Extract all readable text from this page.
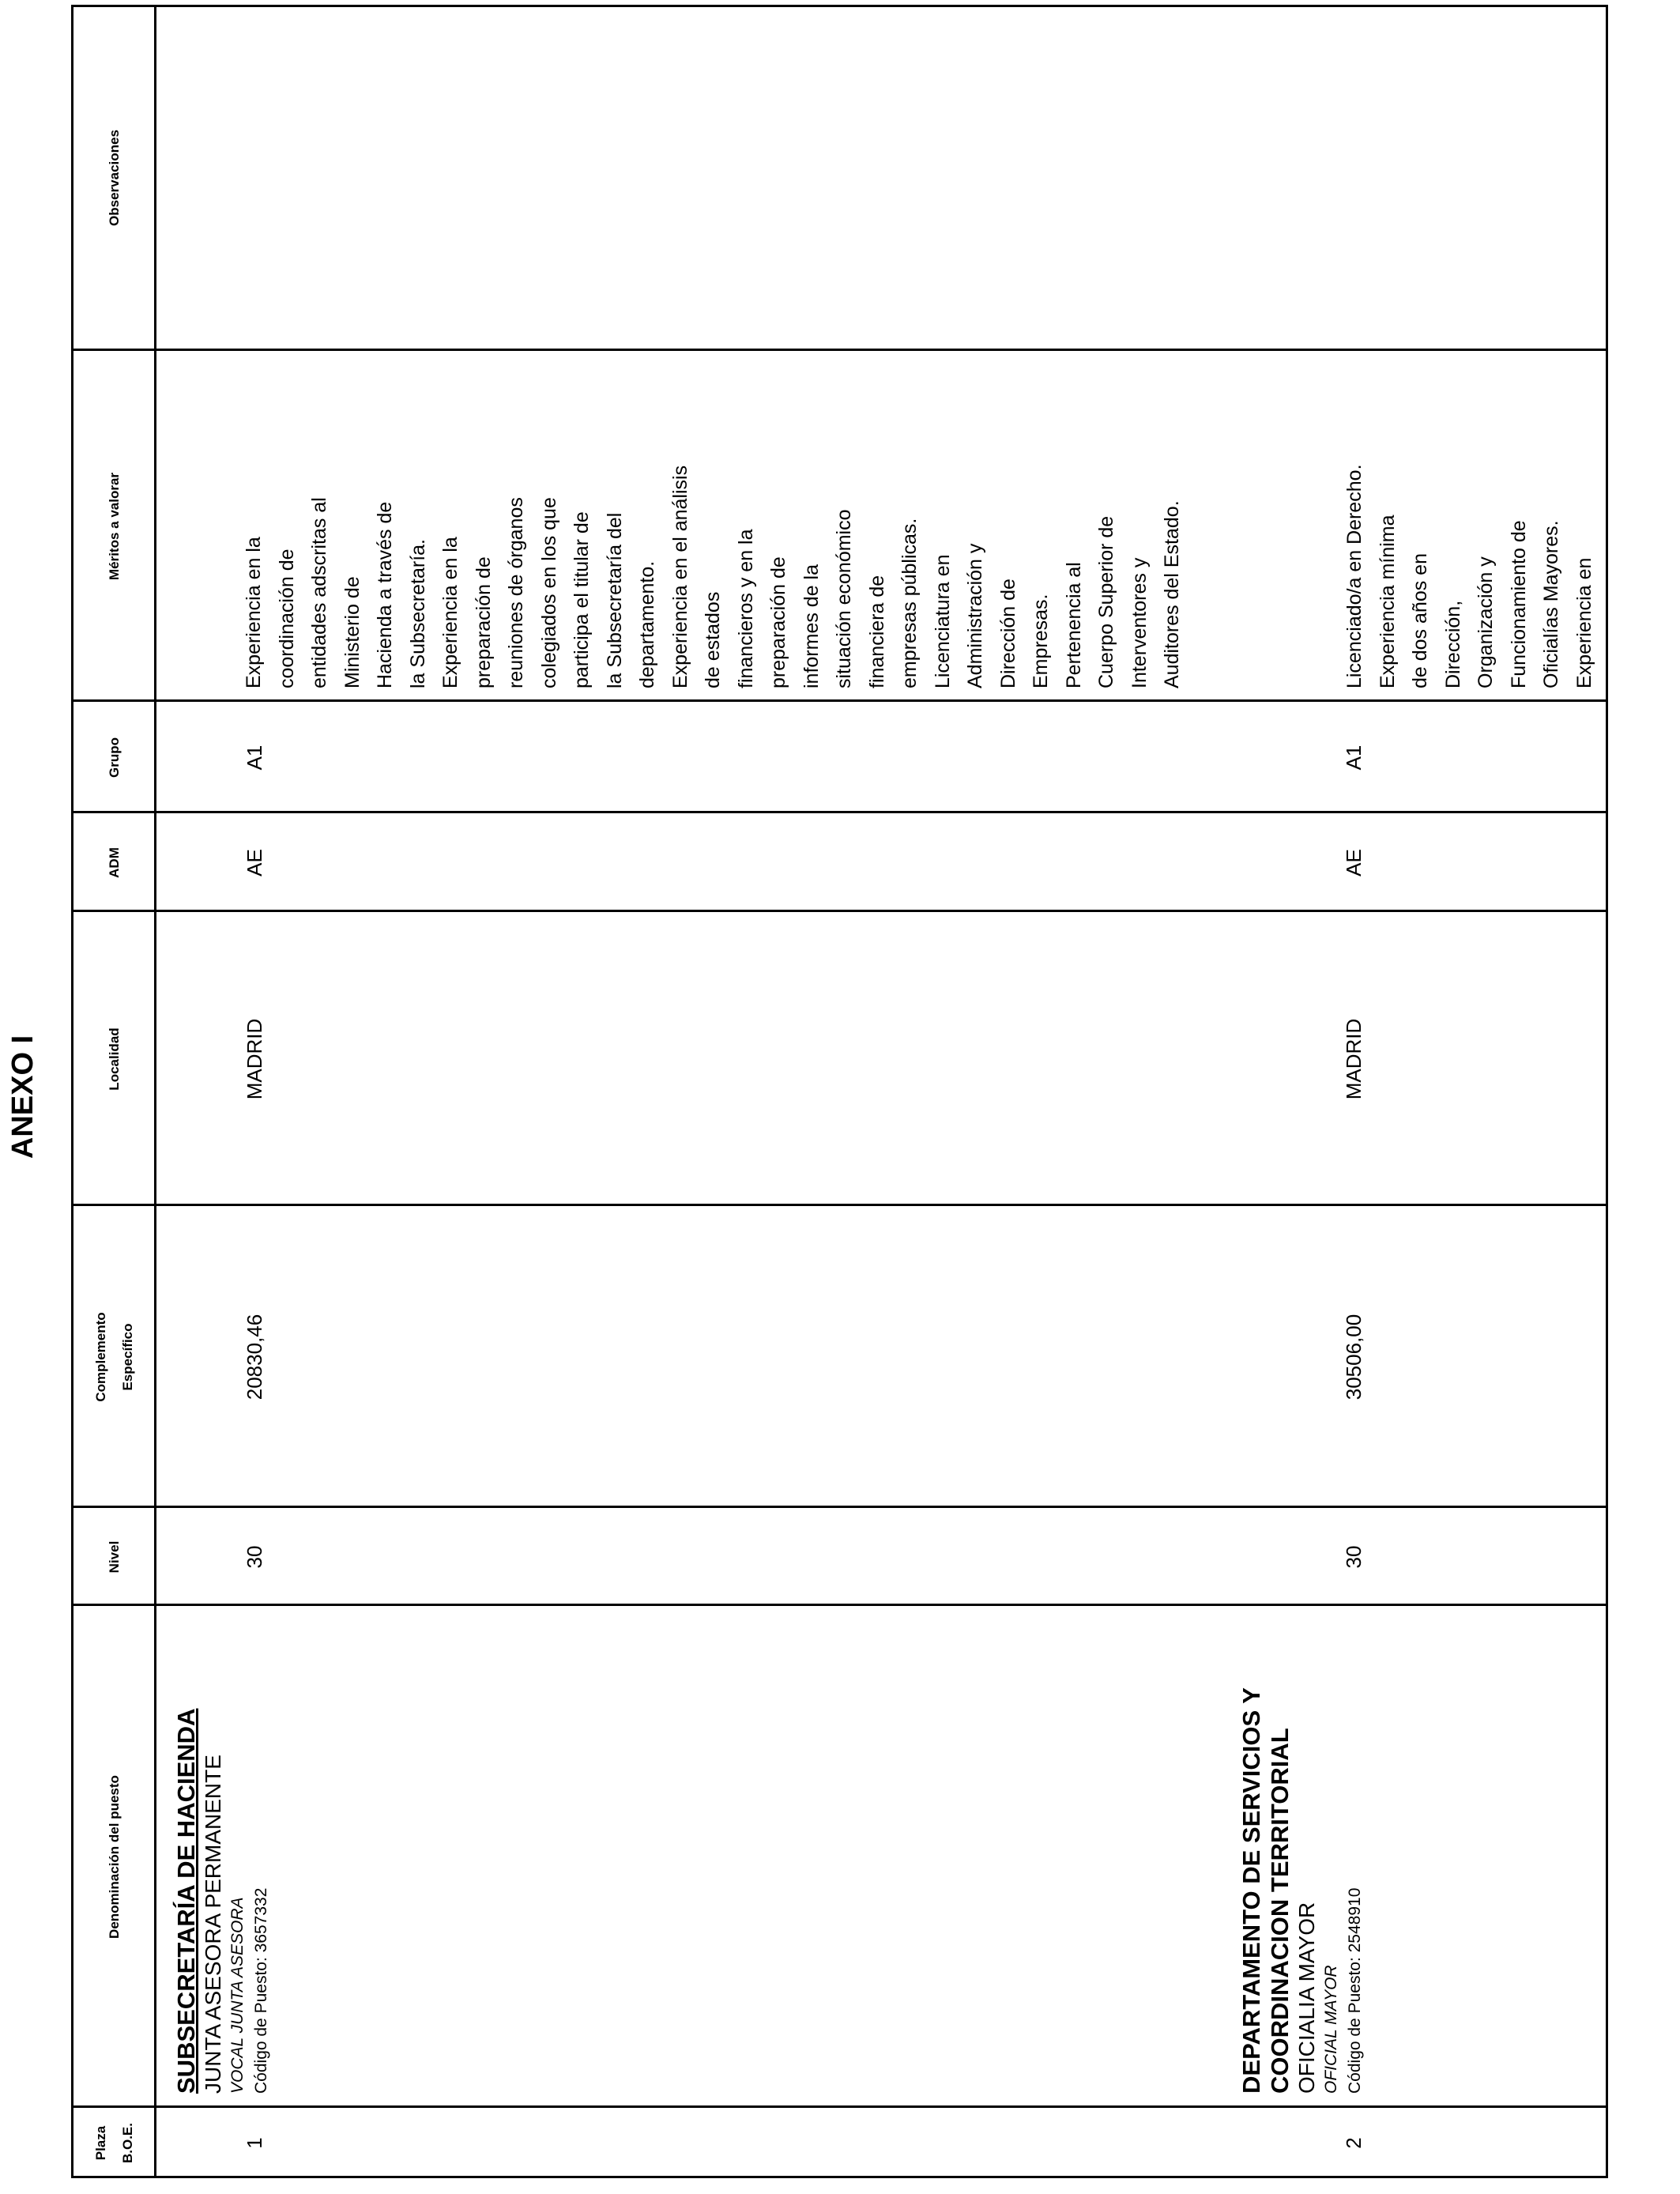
ANEXO I
Plaza B.O.E.
Denominación del puesto
Nivel
Complemento Específico
Localidad
ADM
Grupo
Méritos a valorar
Observaciones
1
SUBSECRETARÍA DE HACIENDA JUNTA ASESORA PERMANENTE VOCAL JUNTA ASESORA Código de Puesto: 3657332
30
20830,46
MADRID
AE
A1
Experiencia en la coordinación de entidades adscritas al Ministerio de Hacienda a través de la Subsecretaría. Experiencia en la preparación de reuniones de órganos colegiados en los que participa el titular de la Subsecretaría del departamento. Experiencia en el análisis de estados financieros y en la preparación de informes de la situación económico financiera de empresas públicas. Licenciatura en Administración y Dirección de Empresas. Pertenencia al Cuerpo Superior de Interventores y Auditores del Estado.
2
DEPARTAMENTO DE SERVICIOS Y COORDINACION TERRITORIAL OFICIALIA MAYOR OFICIAL MAYOR Código de Puesto: 2548910
30
30506,00
MADRID
AE
A1
Licenciado/a en Derecho. Experiencia mínima de dos años en Dirección, Organización y Funcionamiento de Oficialías Mayores. Experiencia en
